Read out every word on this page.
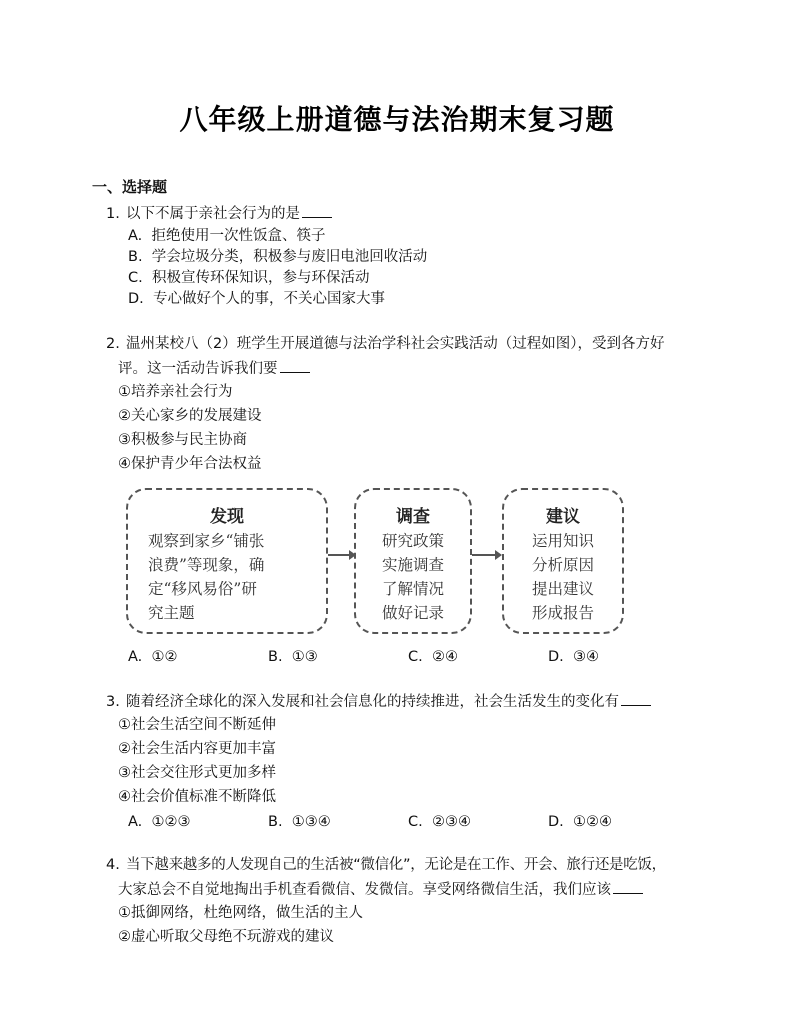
八年级上册道德与法治期末复习题
一、选择题
1. 以下不属于亲社会行为的是
A.  拒绝使用一次性饭盒、筷子
B.  学会垃圾分类，积极参与废旧电池回收活动
C.  积极宣传环保知识，参与环保活动
D.  专心做好个人的事，不关心国家大事
2. 温州某校八（2）班学生开展道德与法治学科社会实践活动（过程如图），受到各方好
评。这一活动告诉我们要
①培养亲社会行为
②关心家乡的发展建设
③积极参与民主协商
④保护青少年合法权益
发现
观察到家乡“铺张
浪费”等现象，确
定“移风易俗”研
究主题
调查
研究政策
实施调查
了解情况
做好记录
建议
运用知识
分析原因
提出建议
形成报告
A.  ①②	B.  ①③	C.  ②④	D.  ③④
3. 随着经济全球化的深入发展和社会信息化的持续推进，社会生活发生的变化有
①社会生活空间不断延伸
②社会生活内容更加丰富
③社会交往形式更加多样
④社会价值标准不断降低
A.  ①②③	B.  ①③④	C.  ②③④	D.  ①②④
4. 当下越来越多的人发现自己的生活被“微信化”，无论是在工作、开会、旅行还是吃饭，
大家总会不自觉地掏出手机查看微信、发微信。享受网络微信生活，我们应该
①抵御网络，杜绝网络，做生活的主人
②虚心听取父母绝不玩游戏的建议
